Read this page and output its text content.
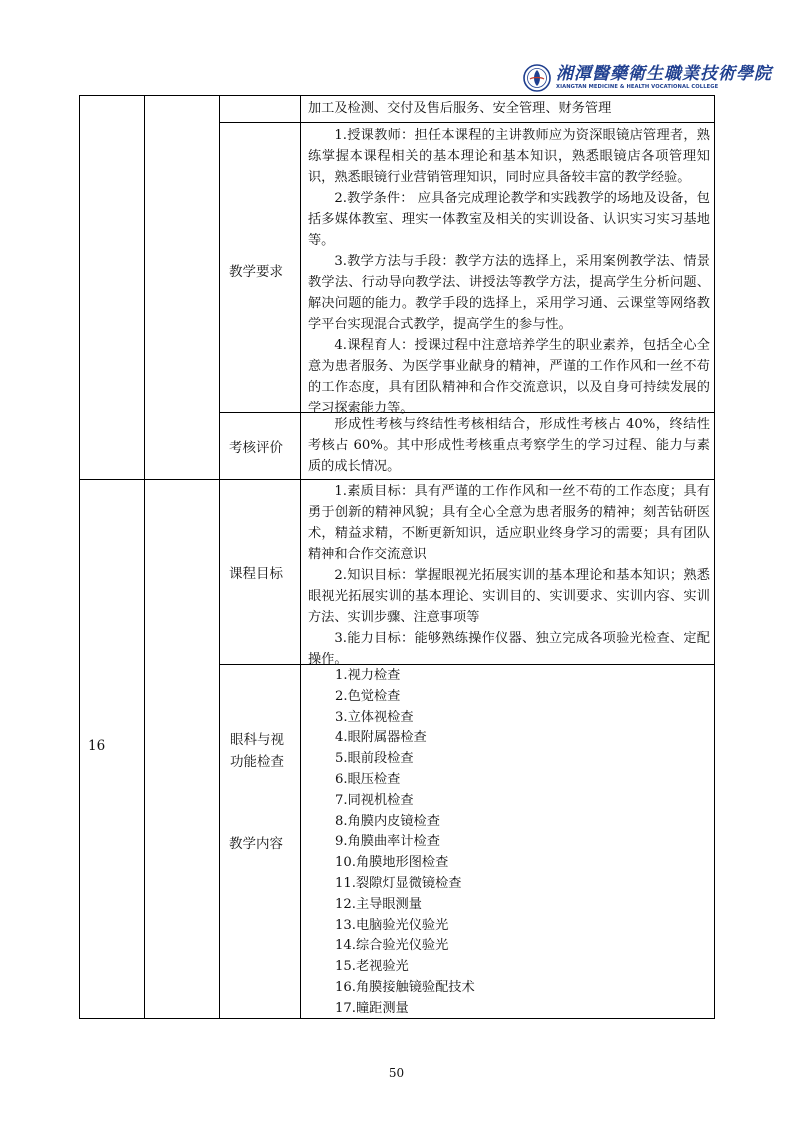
湘潭醫藥衛生職業技術學院
XIANGTAN MEDICINE & HEALTH VOCATIONAL COLLEGE

加工及检测、交付及售后服务、安全管理、财务管理

教学要求

1.授课教师：担任本课程的主讲教师应为资深眼镜店管理者，熟练掌握本课程相关的基本理论和基本知识，熟悉眼镜店各项管理知识，熟悉眼镜行业营销管理知识，同时应具备较丰富的教学经验。

2.教学条件： 应具备完成理论教学和实践教学的场地及设备，包括多媒体教室、理实一体教室及相关的实训设备、认识实习实习基地等。

3.教学方法与手段：教学方法的选择上，采用案例教学法、情景教学法、行动导向教学法、讲授法等教学方法，提高学生分析问题、解决问题的能力。教学手段的选择上，采用学习通、云课堂等网络教学平台实现混合式教学，提高学生的参与性。

4.课程育人：授课过程中注意培养学生的职业素养，包括全心全意为患者服务、为医学事业献身的精神，严谨的工作作风和一丝不苟的工作态度，具有团队精神和合作交流意识，以及自身可持续发展的学习探索能力等。

考核评价

形成性考核与终结性考核相结合，形成性考核占 40%，终结性考核占 60%。其中形成性考核重点考察学生的学习过程、能力与素质的成长情况。

16	眼科与视
功能检查
课程目标

1.素质目标：具有严谨的工作作风和一丝不苟的工作态度；具有勇于创新的精神风貌；具有全心全意为患者服务的精神；刻苦钻研医术，精益求精，不断更新知识，适应职业终身学习的需要；具有团队精神和合作交流意识

2.知识目标：掌握眼视光拓展实训的基本理论和基本知识；熟悉眼视光拓展实训的基本理论、实训目的、实训要求、实训内容、实训方法、实训步骤、注意事项等

3.能力目标：能够熟练操作仪器、独立完成各项验光检查、定配操作。

教学内容
1.视力检查
2.色觉检查
3.立体视检查
4.眼附属器检查
5.眼前段检查
6.眼压检查
7.同视机检查
8.角膜内皮镜检查
9.角膜曲率计检查
10.角膜地形图检查
11.裂隙灯显微镜检查
12.主导眼测量
13.电脑验光仪验光
14.综合验光仪验光
15.老视验光
16.角膜接触镜验配技术
17.瞳距测量
50
